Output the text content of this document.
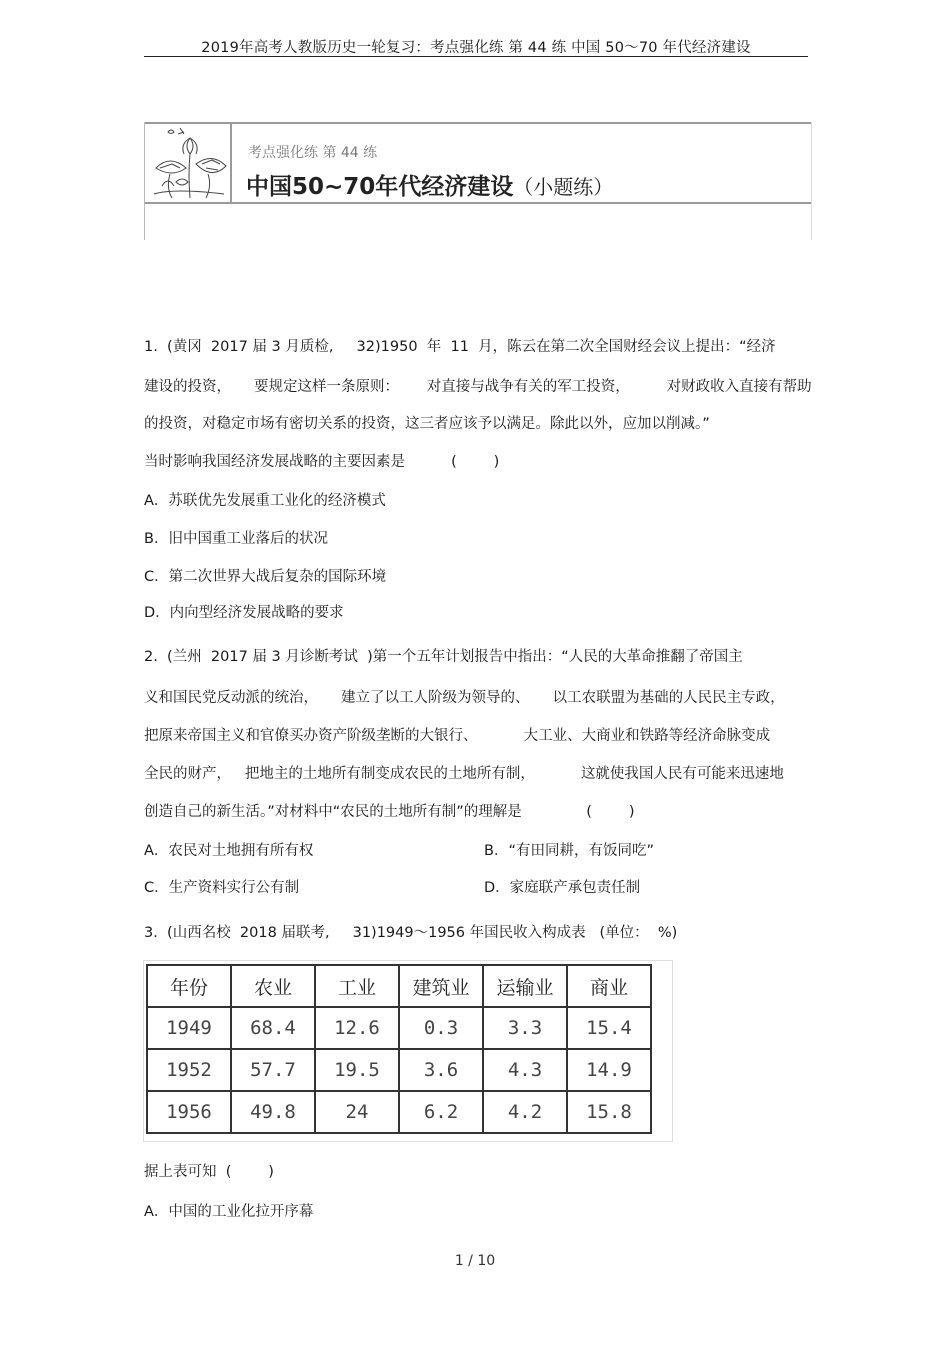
2019年高考人教版历史一轮复习：考点强化练 第 44 练 中国 50～70 年代经济建设
考点强化练 第 44 练
中国50~70年代经济建设（小题练）
1.  (黄冈  2017 届 3 月质检,     32)1950  年  11  月，陈云在第二次全国财经会议上提出：“经济
建设的投资，     要规定这样一条原则：      对直接与战争有关的军工投资，        对财政收入直接有帮助
的投资，对稳定市场有密切关系的投资，这三者应该予以满足。除此以外，应加以削减。”
当时影响我国经济发展战略的主要因素是          (        )
A．苏联优先发展重工业化的经济模式
B．旧中国重工业落后的状况
C．第二次世界大战后复杂的国际环境
D．内向型经济发展战略的要求
2.  (兰州  2017 届 3 月诊断考试  )第一个五年计划报告中指出：“人民的大革命推翻了帝国主
义和国民党反动派的统治，     建立了以工人阶级为领导的、     以工农联盟为基础的人民民主专政，
把原来帝国主义和官僚买办资产阶级垄断的大银行、          大工业、大商业和铁路等经济命脉变成
全民的财产，   把地主的土地所有制变成农民的土地所有制，          这就使我国人民有可能来迅速地
创造自己的新生活。”对材料中“农民的土地所有制”的理解是              (        )
A．农民对土地拥有所有权	B．“有田同耕，有饭同吃”
C．生产资料实行公有制	D．家庭联产承包责任制
3.  (山西名校  2018 届联考,     31)1949～1956 年国民收入构成表   (单位：  %)
据上表可知  (        )
A．中国的工业化拉开序幕
年份	农业	工业	建筑业	运输业	商业
1949	68.4	12.6	0.3	3.3	15.4
1952	57.7	19.5	3.6	4.3	14.9
1956	49.8	24	6.2	4.2	15.8
1 / 10
